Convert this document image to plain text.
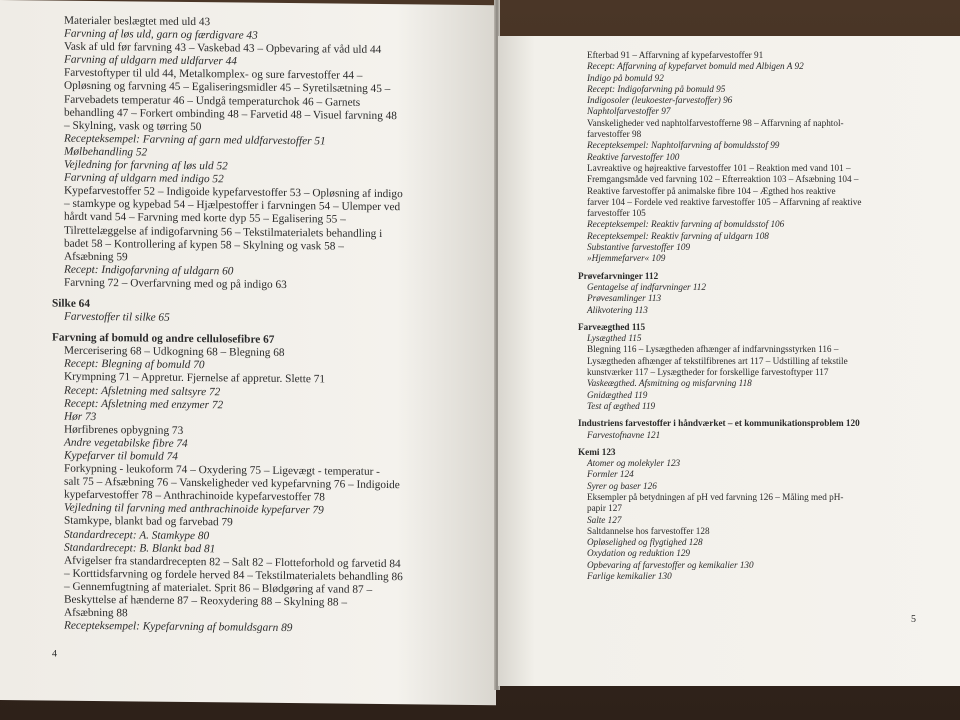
Materialer beslægtet med uld 43
Farvning af løs uld, garn og færdigvare 43
Vask af uld før farvning 43 – Vaskebad 43 – Opbevaring af våd uld 44
Farvning af uldgarn med uldfarver 44
Farvestoftyper til uld 44, Metalkomplex- og sure farvestoffer 44 –
Opløsning og farvning 45 – Egaliseringsmidler 45 – Syretilsætning 45 –
Farvebadets temperatur 46 – Undgå temperaturchok 46 – Garnets
behandling 47 – Forkert ombinding 48 – Farvetid 48 – Visuel farvning 48
– Skylning, vask og tørring 50
Recepteksempel: Farvning af garn med uldfarvestoffer 51
Mølbehandling 52
Vejledning for farvning af løs uld 52
Farvning af uldgarn med indigo 52
Kypefarvestoffer 52 – Indigoide kypefarvestoffer 53 – Opløsning af indigo
– stamkype og kypebad 54 – Hjælpestoffer i farvningen 54 – Ulemper ved
hårdt vand 54 – Farvning med korte dyp 55 – Egalisering 55 –
Tilrettelæggelse af indigofarvning 56 – Tekstilmaterialets behandling i
badet 58 – Kontrollering af kypen 58 – Skylning og vask 58 –
Afsæbning 59
Recept: Indigofarvning af uldgarn 60
Farvning 72 – Overfarvning med og på indigo 63
Silke 64
Farvestoffer til silke 65
Farvning af bomuld og andre cellulosefibre 67
Mercerisering 68 – Udkogning 68 – Blegning 68
Recept: Blegning af bomuld 70
Krympning 71 – Appretur. Fjernelse af appretur. Slette 71
Recept: Afsletning med saltsyre 72
Recept: Afsletning med enzymer 72
Hør 73
Hørfibrenes opbygning 73
Andre vegetabilske fibre 74
Kypefarver til bomuld 74
Forkypning - leukoform 74 – Oxydering 75 – Ligevægt - temperatur -
salt 75 – Afsæbning 76 – Vanskeligheder ved kypefarvning 76 – Indigoide
kypefarvestoffer 78 – Anthrachinoide kypefarvestoffer 78
Vejledning til farvning med anthrachinoide kypefarver 79
Stamkype, blankt bad og farvebad 79
Standardrecept: A. Stamkype 80
Standardrecept: B. Blankt bad 81
Afvigelser fra standardrecepten 82 – Salt 82 – Flotteforhold og farvetid 84
– Korttidsfarvning og fordele herved 84 – Tekstilmaterialets behandling 86
– Gennemfugtning af materialet. Sprit 86 – Blødgøring af vand 87 –
Beskyttelse af hænderne 87 – Reoxydering 88 – Skylning 88 –
Afsæbning 88
Recepteksempel: Kypefarvning af bomuldsgarn 89
4
Efterbad 91 – Affarvning af kypefarvestoffer 91
Recept: Affarvning af kypefarvet bomuld med Albigen A 92
Indigo på bomuld 92
Recept: Indigofarvning på bomuld 95
Indigosoler (leukoester-farvestoffer) 96
Naphtolfarvestoffer 97
Vanskeligheder ved naphtolfarvestofferne 98 – Affarvning af naphtol-
farvestoffer 98
Recepteksempel: Naphtolfarvning af bomuldsstof 99
Reaktive farvestoffer 100
Lavreaktive og højreaktive farvestoffer 101 – Reaktion med vand 101 –
Fremgangsmåde ved farvning 102 – Efterreaktion 103 – Afsæbning 104 –
Reaktive farvestoffer på animalske fibre 104 – Ægthed hos reaktive
farver 104 – Fordele ved reaktive farvestoffer 105 – Affarvning af reaktive
farvestoffer 105
Recepteksempel: Reaktiv farvning af bomuldsstof 106
Recepteksempel: Reaktiv farvning af uldgarn 108
Substantive farvestoffer 109
»Hjemmefarver« 109
Prøvefarvninger 112
Gentagelse af indfarvninger 112
Prøvesamlinger 113
Alikvotering 113
Farveægthed 115
Lysægthed 115
Blegning 116 – Lysægtheden afhænger af indfarvningsstyrken 116 –
Lysægtheden afhænger af tekstilfibrenes art 117 – Udstilling af tekstile
kunstværker 117 – Lysægtheder for forskellige farvestoftyper 117
Vaskeægthed. Afsmitning og misfarvning 118
Gnidægthed 119
Test af ægthed 119
Industriens farvestoffer i håndværket – et kommunikationsproblem 120
Farvestofnavne 121
Kemi 123
Atomer og molekyler 123
Formler 124
Syrer og baser 126
Eksempler på betydningen af pH ved farvning 126 – Måling med pH-
papir 127
Salte 127
Saltdannelse hos farvestoffer 128
Opløselighed og flygtighed 128
Oxydation og reduktion 129
Opbevaring af farvestoffer og kemikalier 130
Farlige kemikalier 130
5
